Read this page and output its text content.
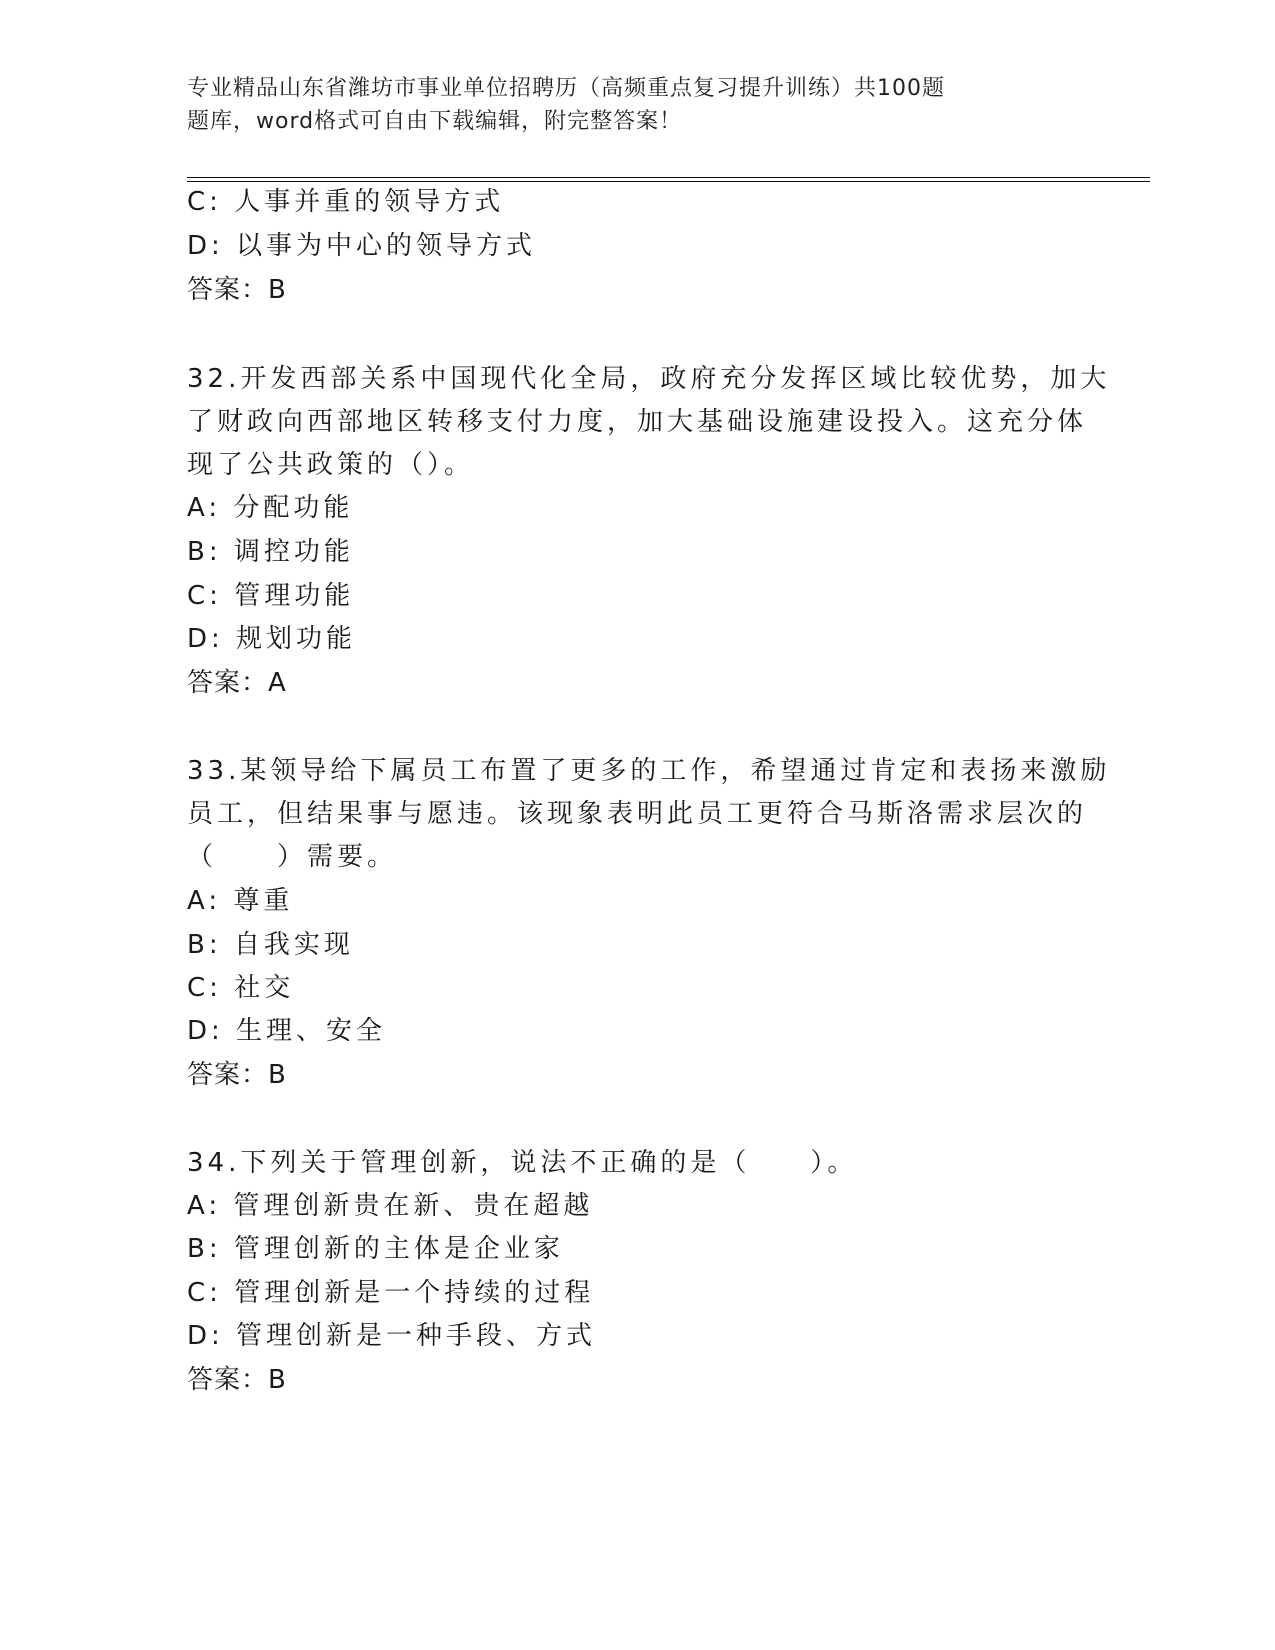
专业精品山东省潍坊市事业单位招聘历（高频重点复习提升训练）共100题
题库，word格式可自由下载编辑，附完整答案！
C: 人事并重的领导方式
D: 以事为中心的领导方式
答案：B
32.开发西部关系中国现代化全局，政府充分发挥区域比较优势，加大
了财政向西部地区转移支付力度，加大基础设施建设投入。这充分体
现了公共政策的（）。
A: 分配功能
B: 调控功能
C: 管理功能
D: 规划功能
答案：A
33.某领导给下属员工布置了更多的工作，希望通过肯定和表扬来激励
员工，但结果事与愿违。该现象表明此员工更符合马斯洛需求层次的
（　　）需要。
A: 尊重
B: 自我实现
C: 社交
D: 生理、安全
答案：B
34.下列关于管理创新，说法不正确的是（　　）。
A: 管理创新贵在新、贵在超越
B: 管理创新的主体是企业家
C: 管理创新是一个持续的过程
D: 管理创新是一种手段、方式
答案：B
